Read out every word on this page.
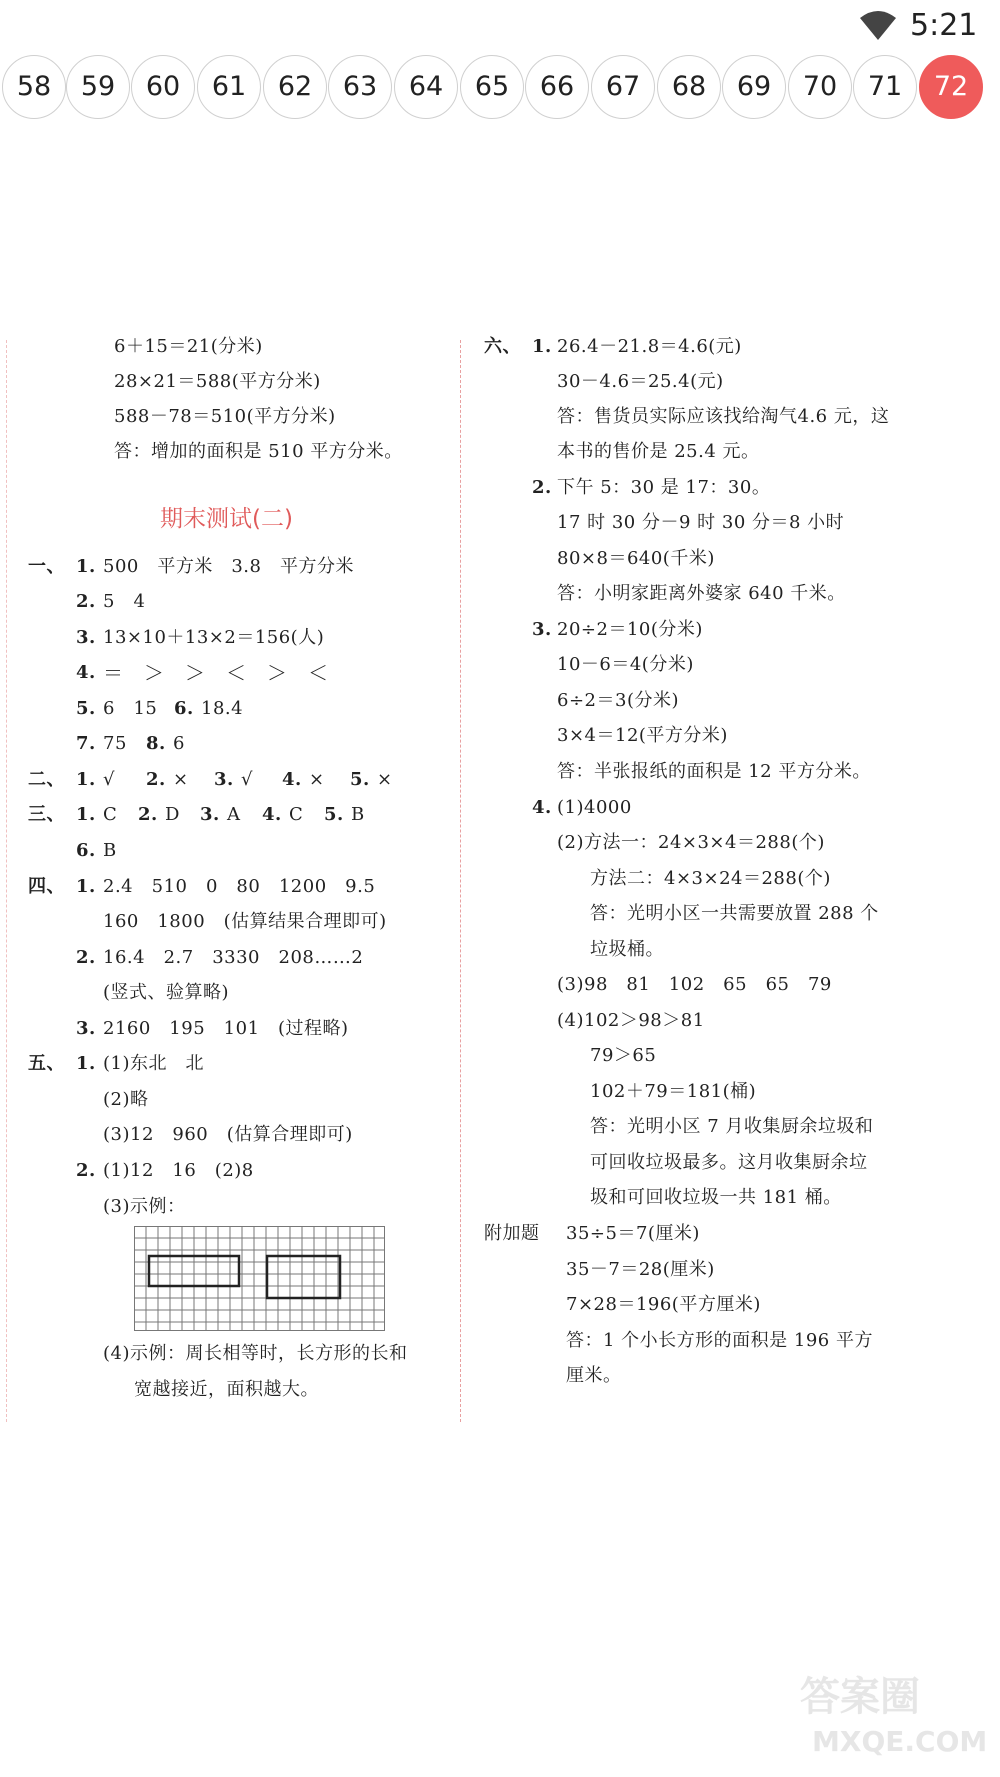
5:21
58	59	60	61	62	63	64	65	66	67	68	69	70	71	72
6＋15＝21(分米)
28×21＝588(平方分米)
588－78＝510(平方分米)
答：增加的面积是 510 平方分米。
期末测试(二)
一、 1. 500　平方米　3.8　平方分米
2. 5　4
3. 13×10＋13×2＝156(人)
4. ＝　＞　＞　＜　＞　＜
5. 6　15　
6. 18.4
7. 75　 8. 6
二、 1. √ 2. × 3. √ 4. × 5. ×
三、 1. C 2. D 3. A 4. C 5. B
6. B
四、 1. 2.4　510　0　80　1200　9.5
160　1800　(估算结果合理即可)
2. 16.4　2.7　3330　208……2
(竖式、验算略)
3. 2160　195　101　(过程略)
五、 1. (1)东北　北
(2)略
(3)12　960　(估算合理即可)
2. (1)12　16　(2)8
(3)示例：
(4)示例：周长相等时，长方形的长和
宽越接近，面积越大。
六、 1. 26.4－21.8＝4.6(元)
30－4.6＝25.4(元)
答：售货员实际应该找给淘气4.6 元，这
本书的售价是 25.4 元。
2. 下午 5：30 是 17：30。
17 时 30 分－9 时 30 分＝8 小时
80×8＝640(千米)
答：小明家距离外婆家 640 千米。
3. 20÷2＝10(分米)
10－6＝4(分米)
6÷2＝3(分米)
3×4＝12(平方分米)
答：半张报纸的面积是 12 平方分米。
4. (1)4000
(2)方法一：24×3×4＝288(个)
方法二：4×3×24＝288(个)
答：光明小区一共需要放置 288 个
垃圾桶。
(3)98　81　102　65　65　79
(4)102＞98＞81
79＞65
102＋79＝181(桶)
答：光明小区 7 月收集厨余垃圾和
可回收垃圾最多。这月收集厨余垃
圾和可回收垃圾一共 181 桶。
附加题 35÷5＝7(厘米)
35－7＝28(厘米)
7×28＝196(平方厘米)
答：1 个小长方形的面积是 196 平方
厘米。
答案圈
MXQE.COM
